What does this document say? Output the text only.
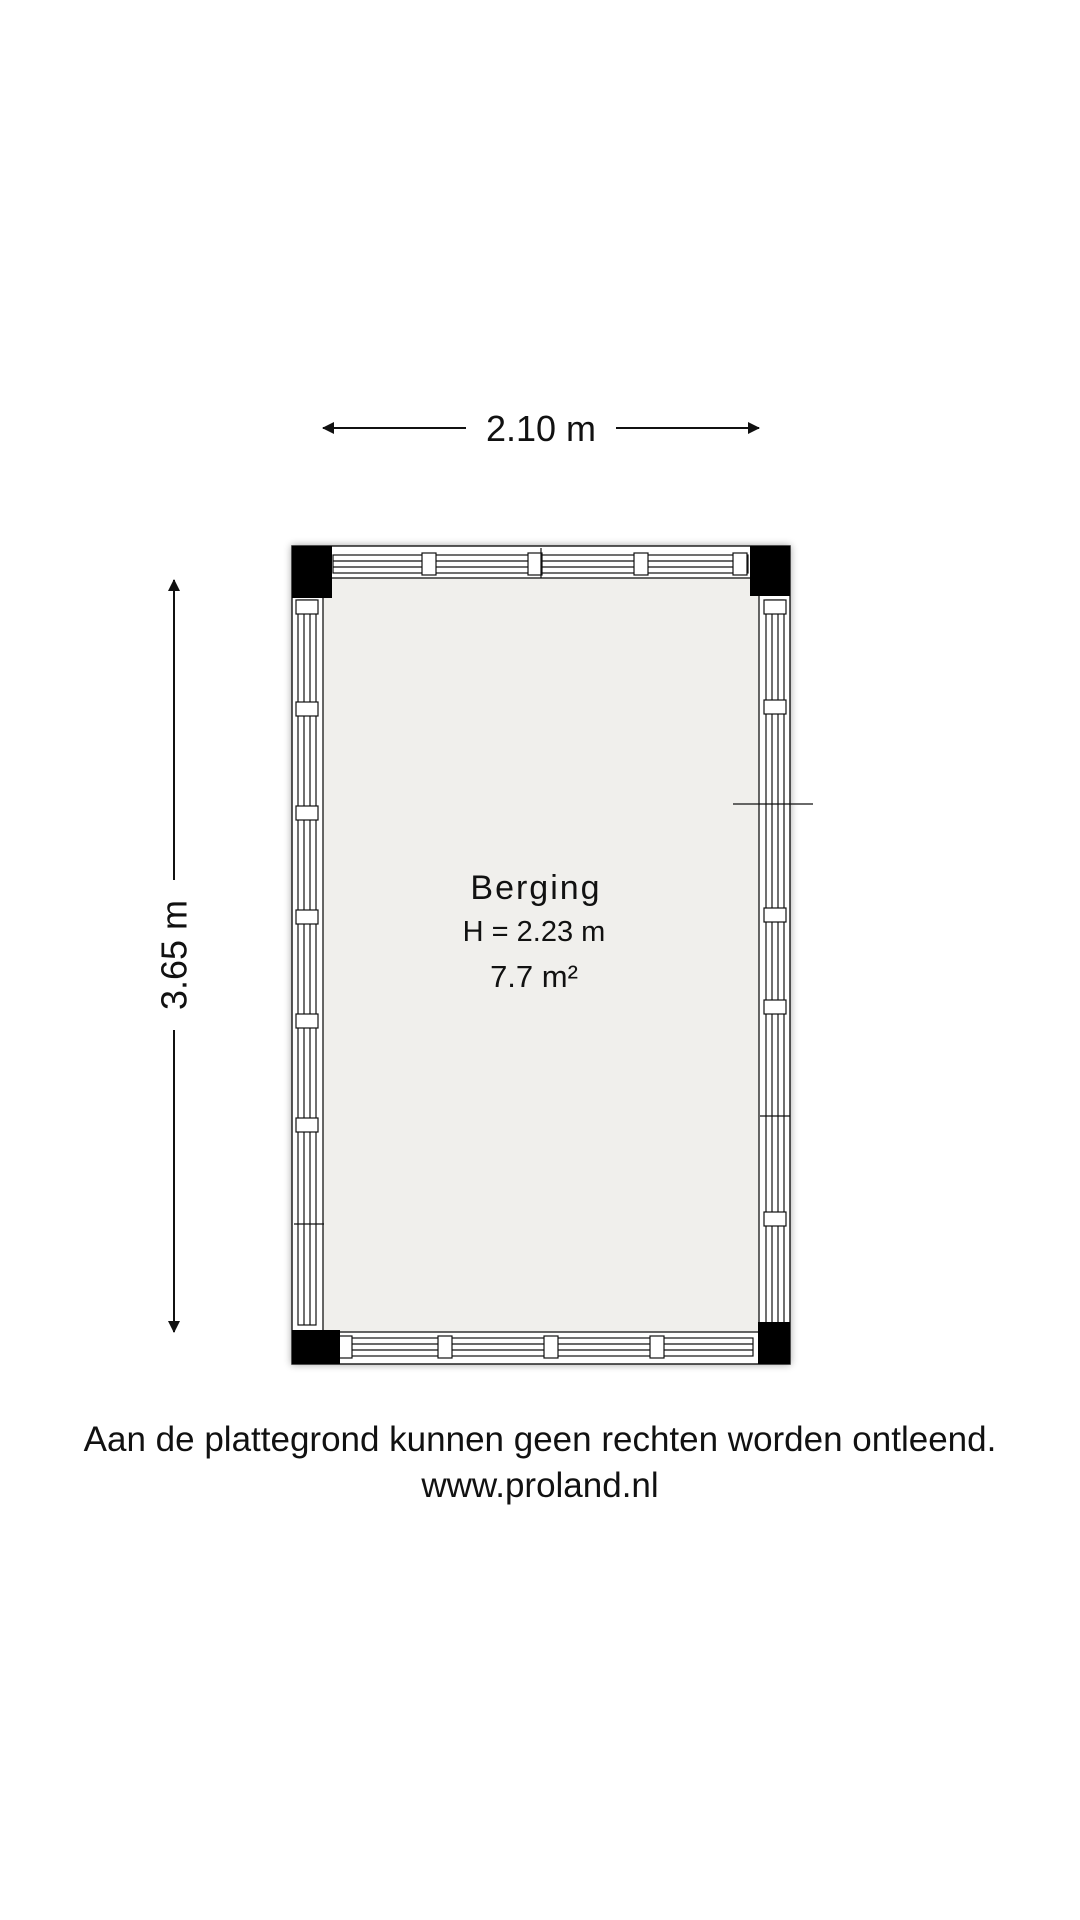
2.10 m
3.65 m
Berging
H = 2.23 m
7.7 m²
Aan de plattegrond kunnen geen rechten worden ontleend.
www.proland.nl
